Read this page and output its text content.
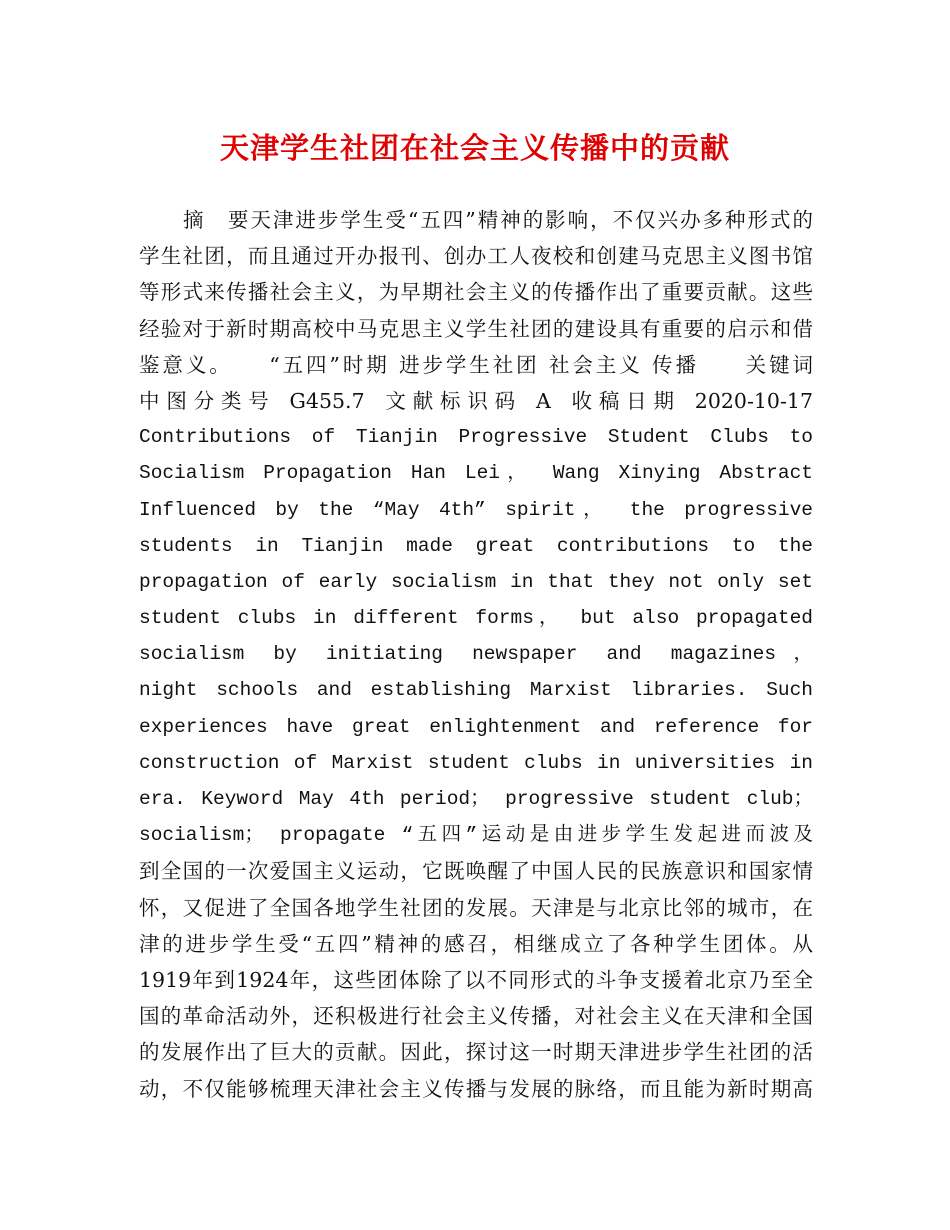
天津学生社团在社会主义传播中的贡献
摘　要天津进步学生受“五四”精神的影响，不仅兴办多种形式的
学生社团，而且通过开办报刊、创办工人夜校和创建马克思主义图书馆
等形式来传播社会主义，为早期社会主义的传播作出了重要贡献。这些
经验对于新时期高校中马克思主义学生社团的建设具有重要的启示和借
鉴意义。　　“五四”时期 进步学生社团 社会主义 传播　　关键词
中 图 分 类 号　G455.7　文 献 标 识 码　A　收 稿 日 期　2020-10-17
Contributions of Tianjin Progressive Student Clubs to
Socialism Propagation Han Lei， Wang Xinying Abstract
Influenced by the “May 4th” spirit， the progressive
students in Tianjin made great contributions to the
propagation of early socialism in that they not only set
student clubs in different forms， but also propagated
socialism by initiating newspaper and magazines，
night schools and establishing Marxist libraries. Such
experiences have great enlightenment and reference for
construction of Marxist student clubs in universities in
era. Keyword May 4th period； progressive student club；
socialism； propagate “五四”运动是由进步学生发起进而波及
到全国的一次爱国主义运动，它既唤醒了中国人民的民族意识和国家情
怀，又促进了全国各地学生社团的发展。天津是与北京比邻的城市，在
津的进步学生受“五四”精神的感召，相继成立了各种学生团体。从
1919年到1924年，这些团体除了以不同形式的斗争支援着北京乃至全
国的革命活动外，还积极进行社会主义传播，对社会主义在天津和全国
的发展作出了巨大的贡献。因此，探讨这一时期天津进步学生社团的活
动，不仅能够梳理天津社会主义传播与发展的脉络，而且能为新时期高
